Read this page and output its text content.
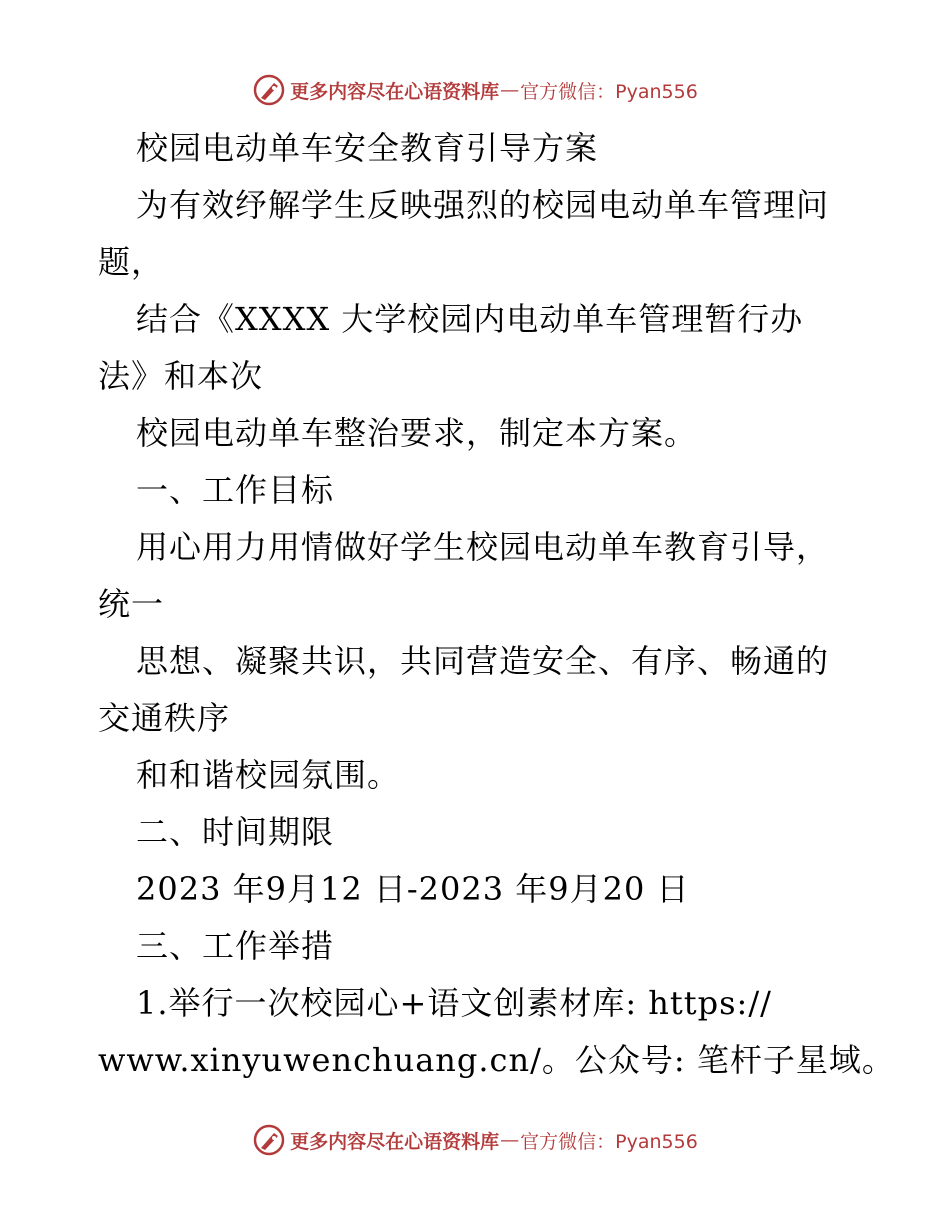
更多内容尽在心语资料库 — 官方微信：Pyan556
校园电动单车安全教育引导方案
为有效纾解学生反映强烈的校园电动单车管理问
题，
结合《XXXX 大学校园内电动单车管理暂行办
法》和本次
校园电动单车整治要求，制定本方案。
一、工作目标
用心用力用情做好学生校园电动单车教育引导，
统一
思想、凝聚共识，共同营造安全、有序、畅通的
交通秩序
和和谐校园氛围。
二、时间期限
2023 年9月12 日-2023 年9月20 日
三、工作举措
1.举行一次校园心+语文创素材库: https://
www.xinyuwenchuang.cn/。公众号: 笔杆子星域。
更多内容尽在心语资料库 — 官方微信：Pyan556
